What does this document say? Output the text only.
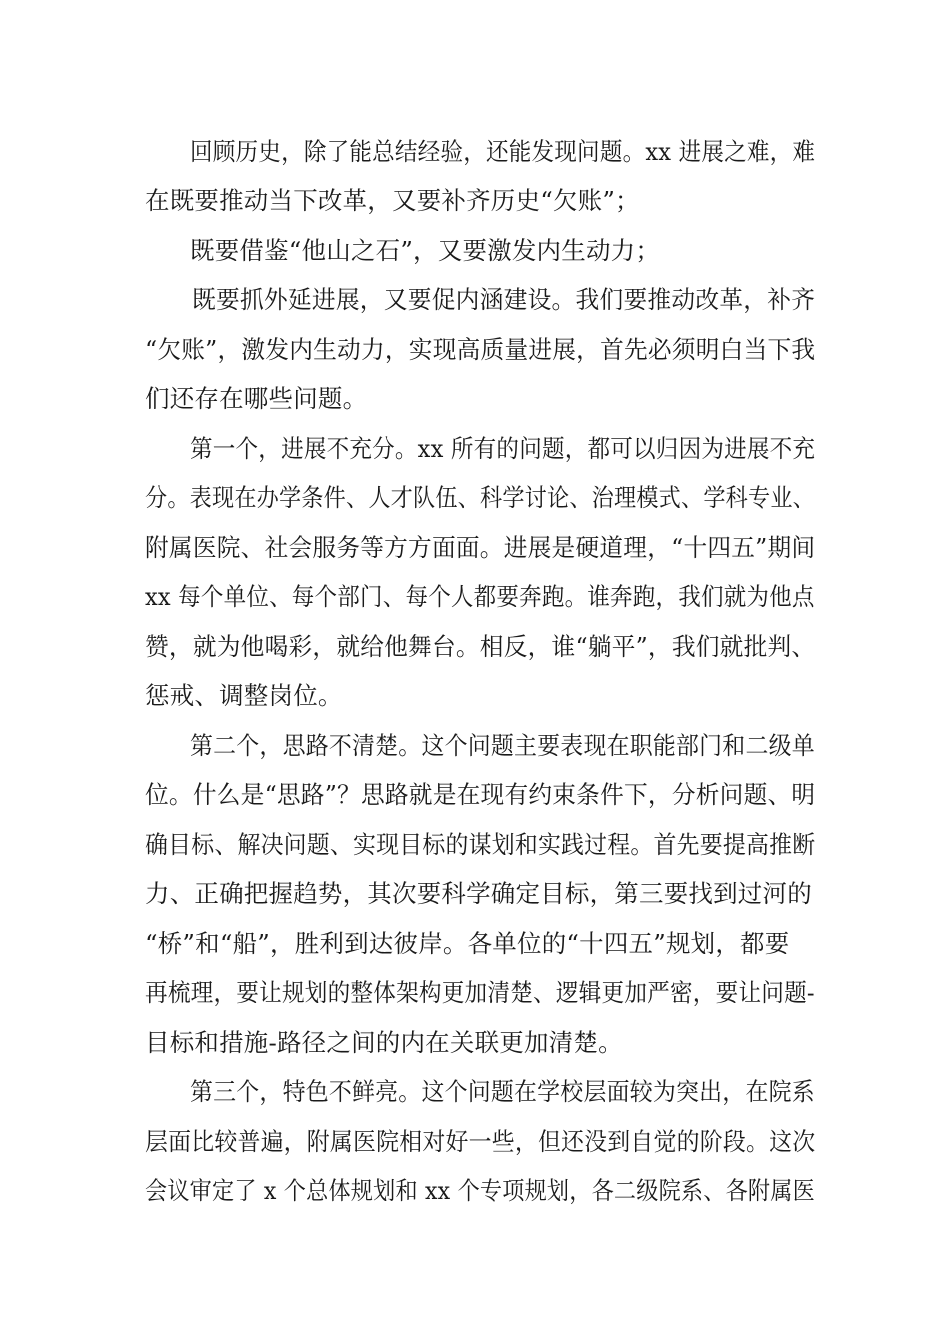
回顾历史，除了能总结经验，还能发现问题。xx 进展之难，难
在既要推动当下改革，又要补齐历史“欠账”；
既要借鉴“他山之石”，又要激发内生动力；
既要抓外延进展，又要促内涵建设。我们要推动改革，补齐
“欠账”，激发内生动力，实现高质量进展，首先必须明白当下我
们还存在哪些问题。
第一个，进展不充分。xx 所有的问题，都可以归因为进展不充
分。表现在办学条件、人才队伍、科学讨论、治理模式、学科专业、
附属医院、社会服务等方方面面。进展是硬道理，“十四五”期间
xx 每个单位、每个部门、每个人都要奔跑。谁奔跑，我们就为他点
赞，就为他喝彩，就给他舞台。相反，谁“躺平”，我们就批判、
惩戒、调整岗位。
第二个，思路不清楚。这个问题主要表现在职能部门和二级单
位。什么是“思路”？思路就是在现有约束条件下，分析问题、明
确目标、解决问题、实现目标的谋划和实践过程。首先要提高推断
力、正确把握趋势，其次要科学确定目标，第三要找到过河的
“桥”和“船”，胜利到达彼岸。各单位的“十四五”规划，都要
再梳理，要让规划的整体架构更加清楚、逻辑更加严密，要让问题-
目标和措施-路径之间的内在关联更加清楚。
第三个，特色不鲜亮。这个问题在学校层面较为突出，在院系
层面比较普遍，附属医院相对好一些，但还没到自觉的阶段。这次
会议审定了 x 个总体规划和 xx 个专项规划，各二级院系、各附属医
